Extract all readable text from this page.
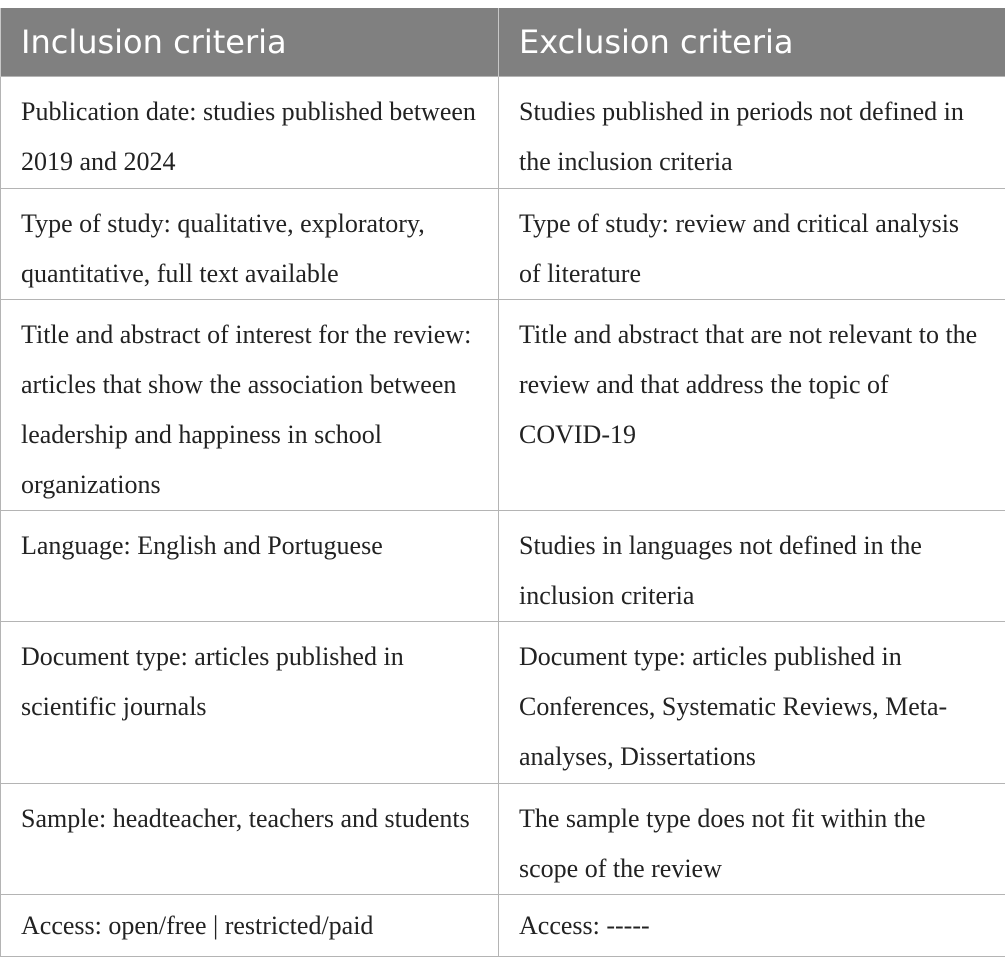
Inclusion criteria	Exclusion criteria
Publication date: studies published between 2019 and 2024	Studies published in periods not defined in the inclusion criteria
Type of study: qualitative, exploratory, quantitative, full text available	Type of study: review and critical analysis of literature
Title and abstract of interest for the review: articles that show the association between leadership and happiness in school organizations	Title and abstract that are not relevant to the review and that address the topic of COVID-19
Language: English and Portuguese	Studies in languages not defined in the inclusion criteria
Document type: articles published in scientific journals	Document type: articles published in Conferences, Systematic Reviews, Meta-analyses, Dissertations
Sample: headteacher, teachers and students	The sample type does not fit within the scope of the review
Access: open/free | restricted/paid	Access: -----
